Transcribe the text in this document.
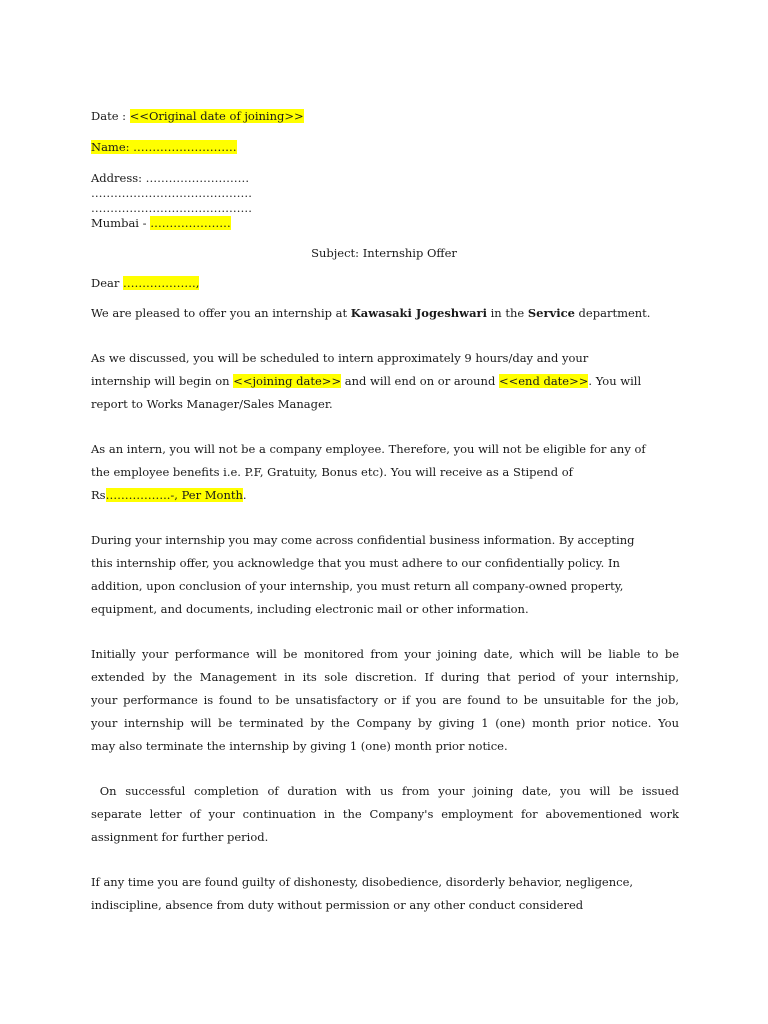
Date : <<Original date of joining>>
Name: ………………………
Address: ………………………
……………………………………
……………………………………
Mumbai - …………………
Subject: Internship Offer
Dear ……………….,
We are pleased to offer you an internship at Kawasaki Jogeshwari in the Service department.
As we discussed, you will be scheduled to intern approximately 9 hours/day and your
internship will begin on <<joining date>> and will end on or around <<end date>>. You will
report to Works Manager/Sales Manager.
As an intern, you will not be a company employee. Therefore, you will not be eligible for any of
the employee benefits i.e. P.F, Gratuity, Bonus etc). You will receive as a Stipend of
Rs……………..-, Per Month.
During your internship you may come across confidential business information. By accepting
this internship offer, you acknowledge that you must adhere to our confidentially policy. In
addition, upon conclusion of your internship, you must return all company-owned property,
equipment, and documents, including electronic mail or other information.
Initially your performance will be monitored from your joining date, which will be liable to be
extended by the Management in its sole discretion. If during that period of your internship,
your performance is found to be unsatisfactory or if you are found to be unsuitable for the job,
your internship will be terminated by the Company by giving 1 (one) month prior notice. You
may also terminate the internship by giving 1 (one) month prior notice.
On successful completion of duration with us from your joining date, you will be issued
separate letter of your continuation in the Company's employment for abovementioned work
assignment for further period.
If any time you are found guilty of dishonesty, disobedience, disorderly behavior, negligence,
indiscipline, absence from duty without permission or any other conduct considered
